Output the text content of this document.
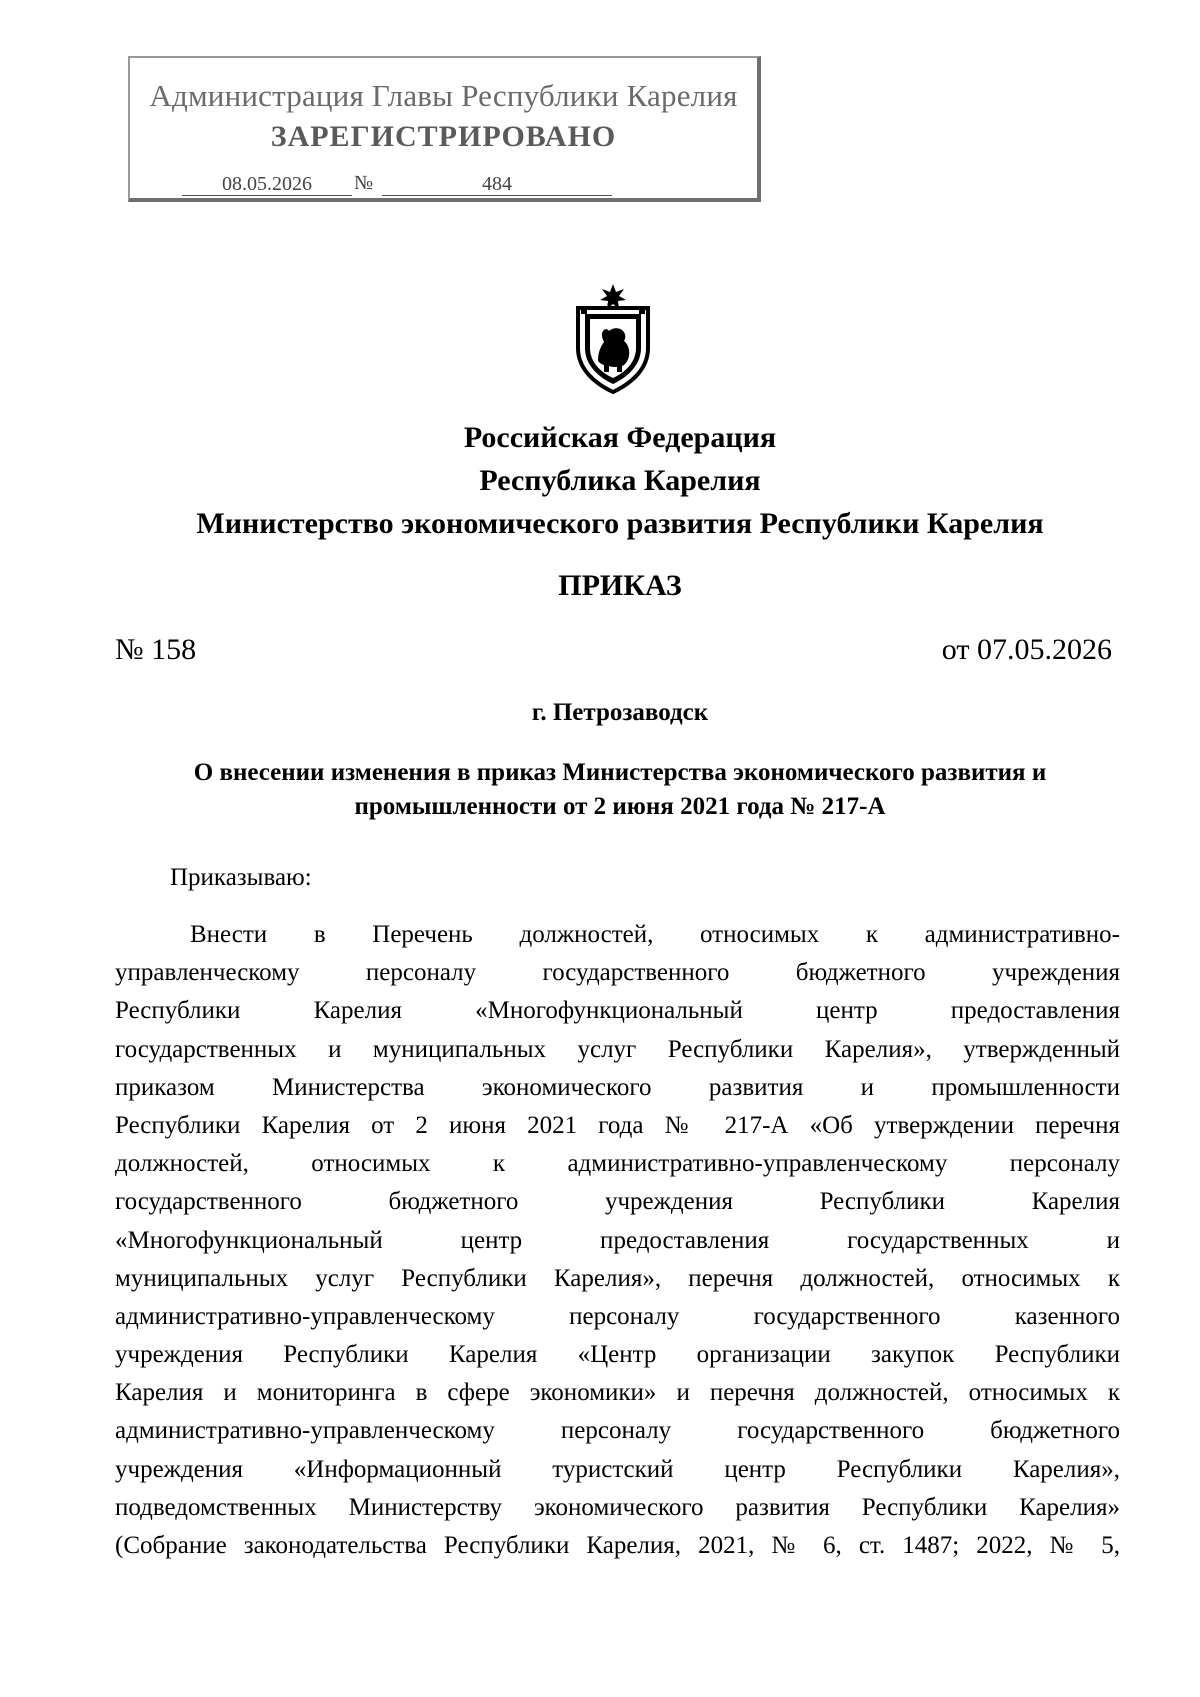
Администрация Главы Республики Карелия
ЗАРЕГИСТРИРОВАНО
08.05.2026	№	484
Российская Федерация
Республика Карелия
Министерство экономического развития Республики Карелия
ПРИКАЗ
№ 158	от 07.05.2026
г. Петрозаводск
О внесении изменения в приказ Министерства экономического развития и
промышленности от 2 июня 2021 года № 217-А
Приказываю:
Внести в Перечень должностей, относимых к административно-
управленческому персоналу государственного бюджетного учреждения
Республики Карелия «Многофункциональный центр предоставления
государственных и муниципальных услуг Республики Карелия», утвержденный
приказом Министерства экономического развития и промышленности
Республики Карелия от 2 июня 2021 года № 217-А «Об утверждении перечня
должностей, относимых к административно-управленческому персоналу
государственного бюджетного учреждения Республики Карелия
«Многофункциональный центр предоставления государственных и
муниципальных услуг Республики Карелия», перечня должностей, относимых к
административно-управленческому персоналу государственного казенного
учреждения Республики Карелия «Центр организации закупок Республики
Карелия и мониторинга в сфере экономики» и перечня должностей, относимых к
административно-управленческому персоналу государственного бюджетного
учреждения «Информационный туристский центр Республики Карелия»,
подведомственных Министерству экономического развития Республики Карелия»
(Собрание законодательства Республики Карелия, 2021, № 6, ст. 1487; 2022, № 5,
